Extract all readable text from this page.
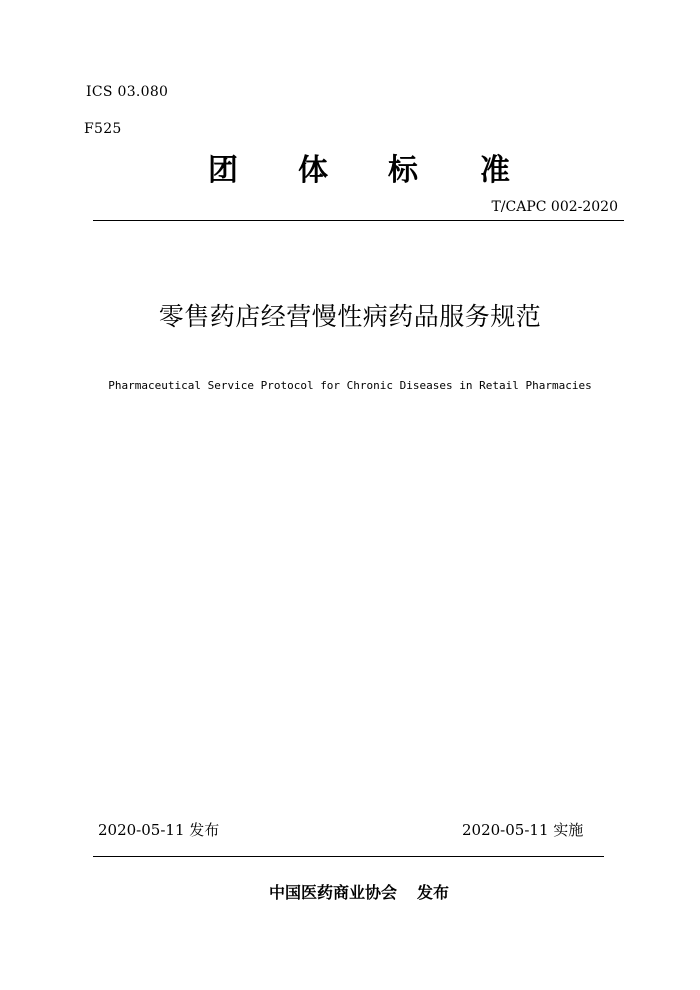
ICS 03.080
F525
团 体 标 准
T/CAPC 002-2020
零售药店经营慢性病药品服务规范
Pharmaceutical Service Protocol for Chronic Diseases in Retail Pharmacies
2020-05-11 发布	2020-05-11 实施
中国医药商业协会 发布
